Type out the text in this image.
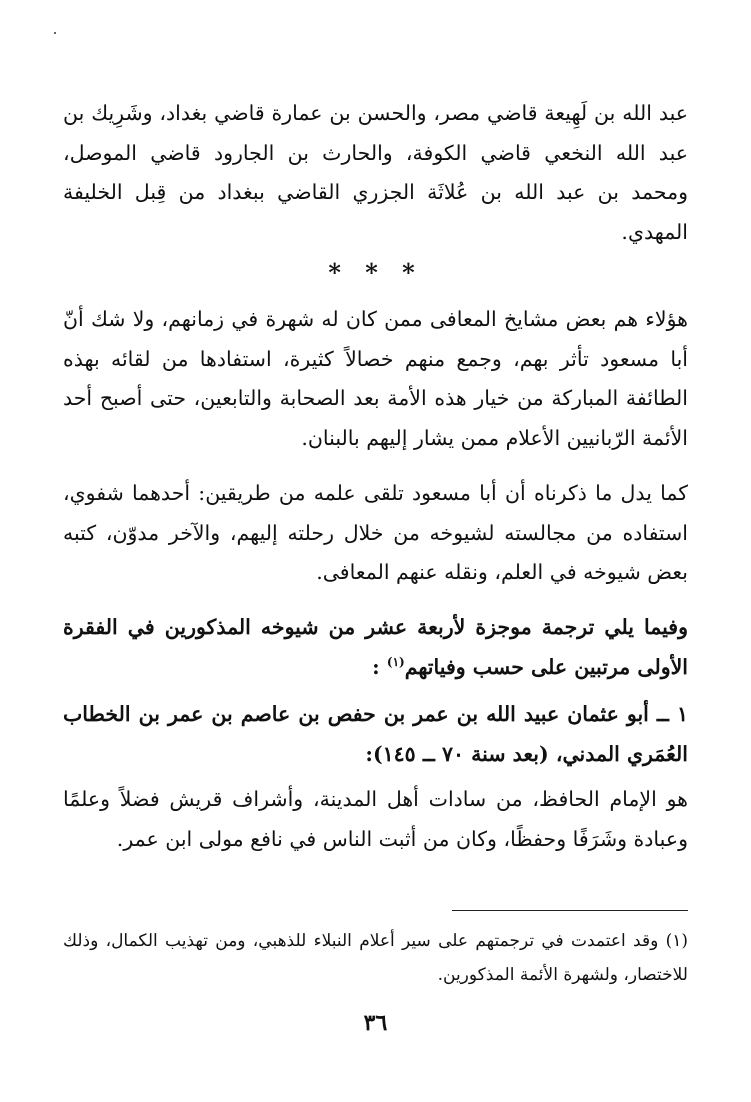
عبد الله بن لَهِيعة قاضي مصر، والحسن بن عمارة قاضي بغداد، وشَرِيك بن عبد الله النخعي قاضي الكوفة، والحارث بن الجارود قاضي الموصل، ومحمد بن عبد الله بن عُلاثَة الجزري القاضي ببغداد من قِبل الخليفة المهدي.
* * *
هؤلاء هم بعض مشايخ المعافى ممن كان له شهرة في زمانهم، ولا شك أنّ أبا مسعود تأثر بهم، وجمع منهم خصالاً كثيرة، استفادها من لقائه بهذه الطائفة المباركة من خيار هذه الأمة بعد الصحابة والتابعين، حتى أصبح أحد الأئمة الرّبانيين الأعلام ممن يشار إليهم بالبنان.
كما يدل ما ذكرناه أن أبا مسعود تلقى علمه من طريقين: أحدهما شفوي، استفاده من مجالسته لشيوخه من خلال رحلته إليهم، والآخر مدوّن، كتبه بعض شيوخه في العلم، ونقله عنهم المعافى.
وفيما يلي ترجمة موجزة لأربعة عشر من شيوخه المذكورين في الفقرة الأولى مرتبين على حسب وفياتهم$^{(١)}$ :
١ ــ أبو عثمان عبيد الله بن عمر بن حفص بن عاصم بن عمر بن الخطاب العُمَري المدني، (بعد سنة ٧٠ ــ ١٤٥):
هو الإمام الحافظ، من سادات أهل المدينة، وأشراف قريش فضلاً وعلمًا وعبادة وشَرَفًا وحفظًا، وكان من أثبت الناس في نافع مولى ابن عمر.
(١) وقد اعتمدت في ترجمتهم على سير أعلام النبلاء للذهبي، ومن تهذيب الكمال، وذلك للاختصار، ولشهرة الأئمة المذكورين.
٣٦
